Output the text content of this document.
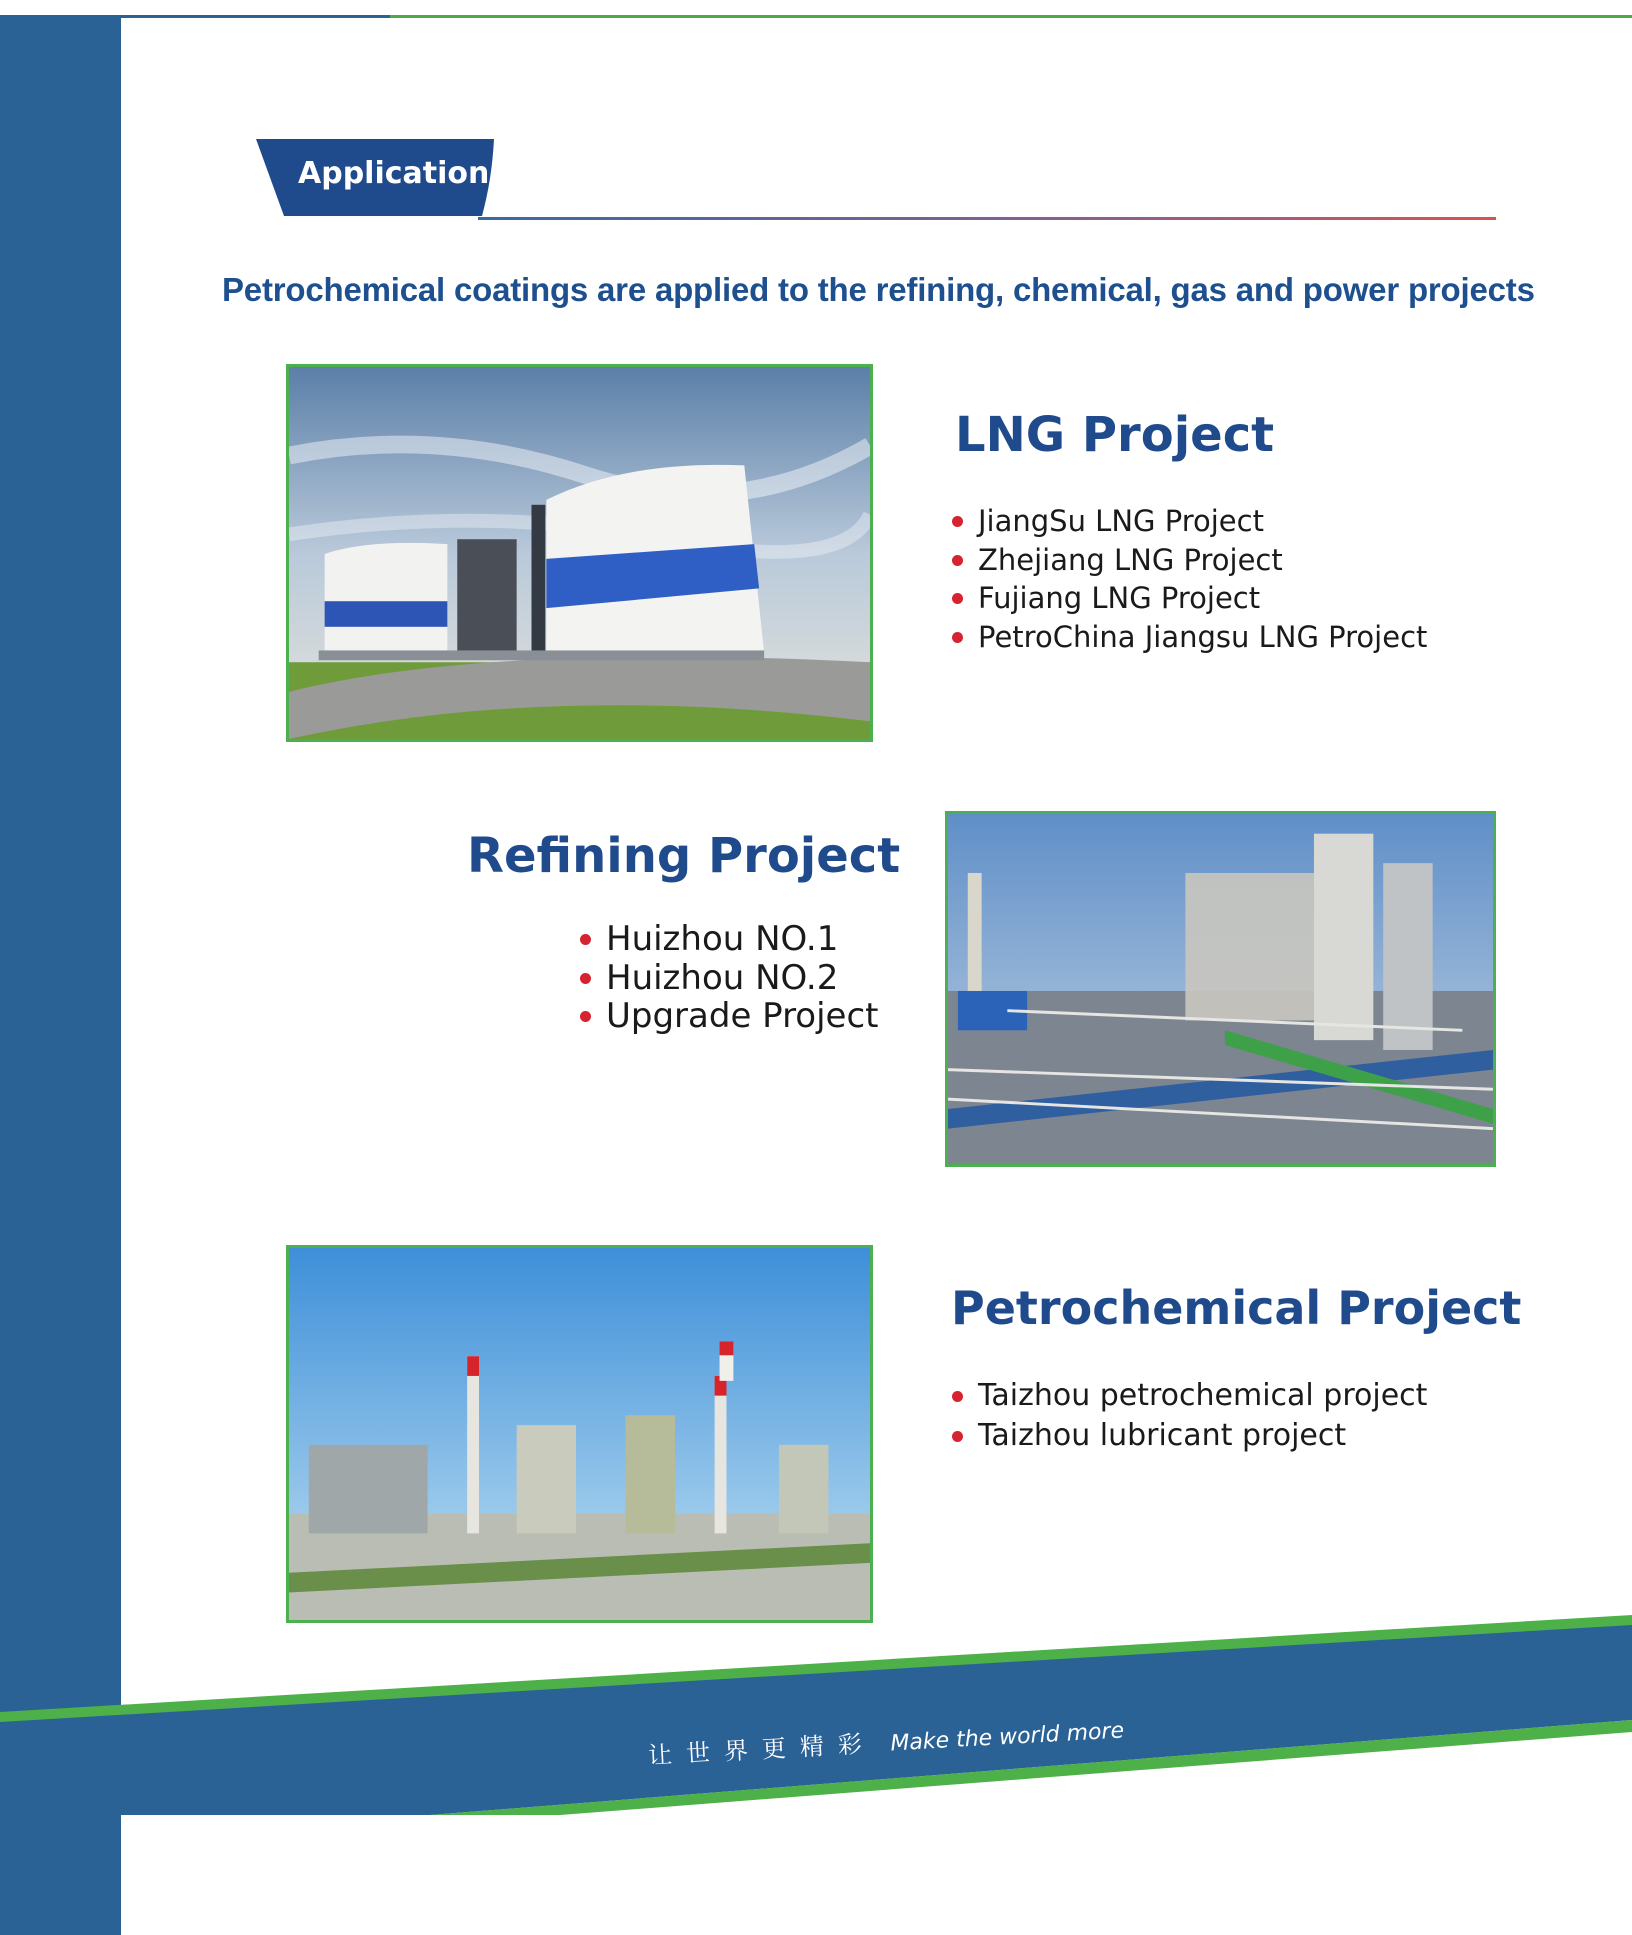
Application
Petrochemical coatings are applied to the refining, chemical, gas and power projects
LNG Project
JiangSu LNG Project
Zhejiang LNG Project
Fujiang LNG Project
PetroChina Jiangsu LNG Project
Refining Project
Huizhou NO.1
Huizhou NO.2
Upgrade Project
Petrochemical Project
Taizhou petrochemical project
Taizhou lubricant project
让世界更精彩 Make the world more
